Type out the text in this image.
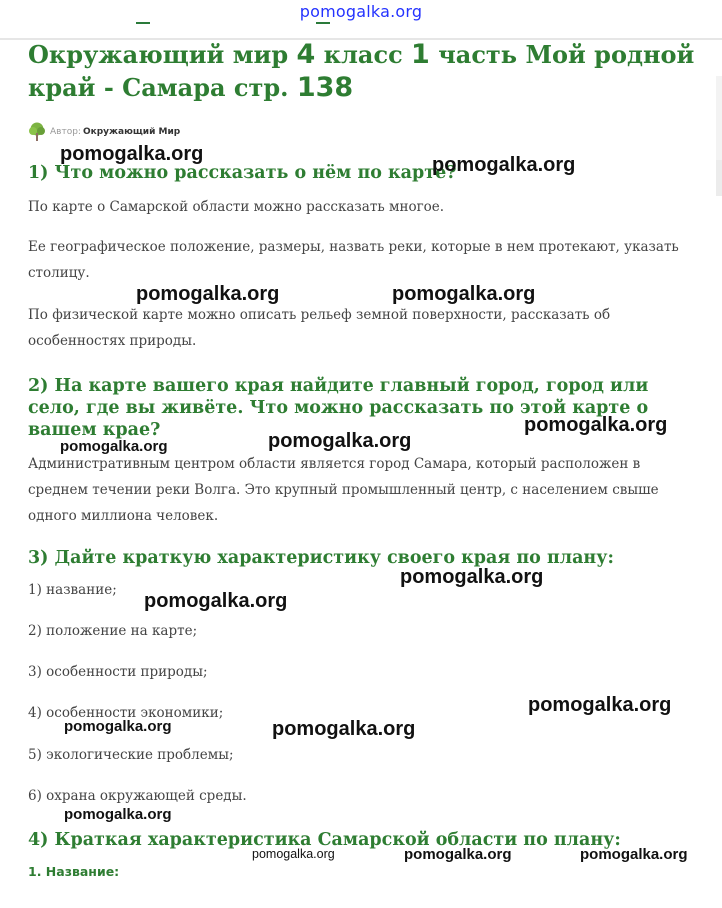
pomogalka.org
Окружающий мир 4 класс 1 часть Мой родной край - Самара стр. 138
Автор: Окружающий Мир
1) Что можно рассказать о нём по карте?

По карте о Самарской области можно рассказать многое.

Ее географическое положение, размеры, назвать реки, которые в нем протекают, указать столицу.

По физической карте можно описать рельеф земной поверхности, рассказать об особенностях природы.

2) На карте вашего края найдите главный город, город или село, где вы живёте. Что можно рассказать по этой карте о вашем крае?

Административным центром области является город Самара, который расположен в среднем течении реки Волга. Это крупный промышленный центр, с населением свыше одного миллиона человек.

3) Дайте краткую характеристику своего края по плану:

1) название;

2) положение на карте;

3) особенности природы;

4) особенности экономики;

5) экологические проблемы;

6) охрана окружающей среды.

4) Краткая характеристика Самарской области по плану:
1. Название:
pomogalka.org	pomogalka.org
pomogalka.org	pomogalka.org
pomogalka.org	pomogalka.org
pomogalka.org
pomogalka.org
pomogalka.org
pomogalka.org
pomogalka.org	pomogalka.org
pomogalka.org
pomogalka.org	pomogalka.org	pomogalka.org
